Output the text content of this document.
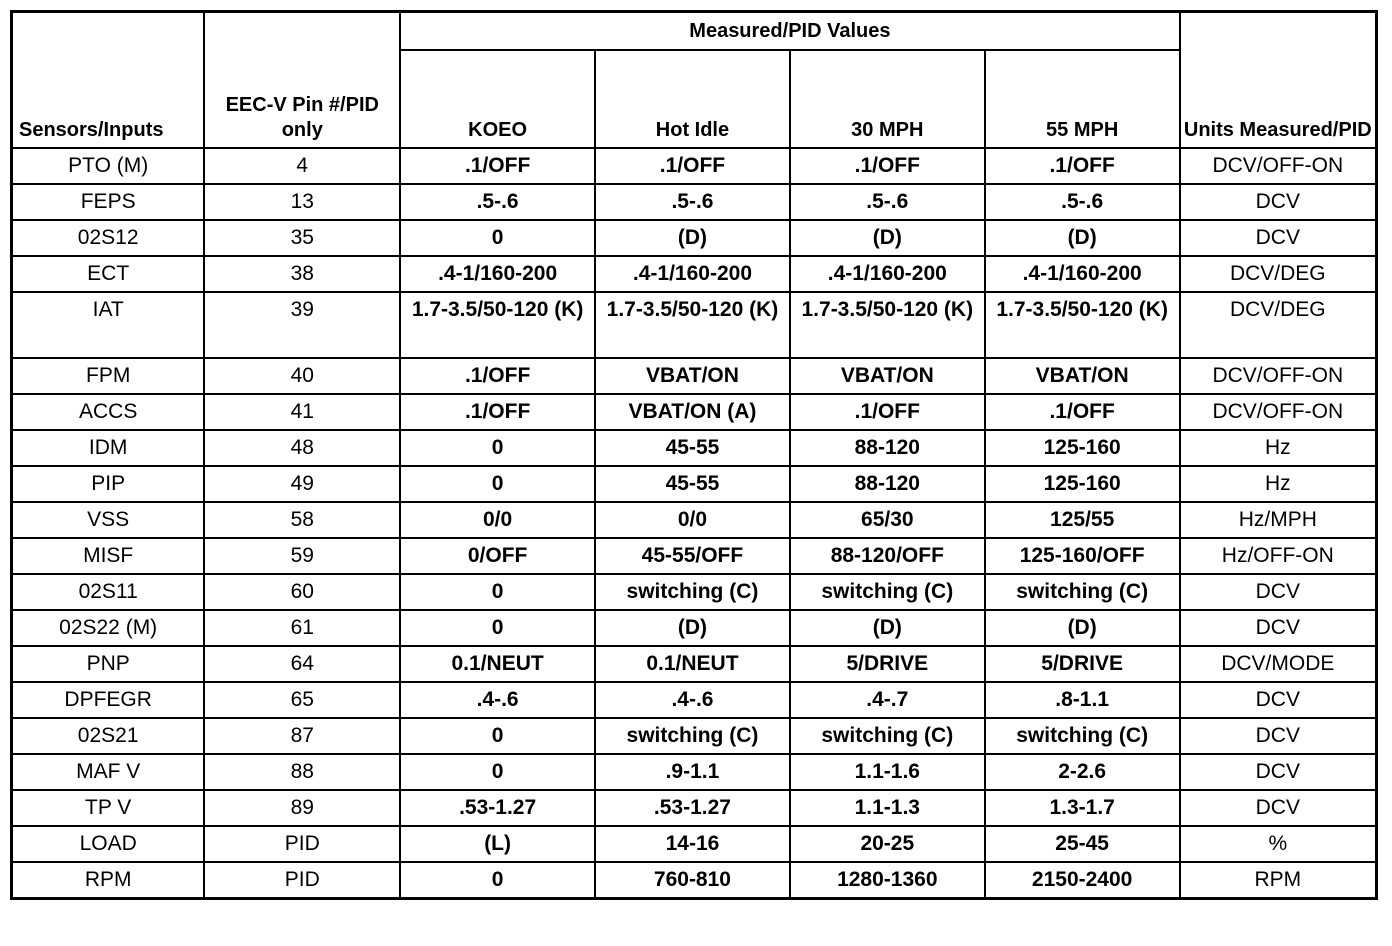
Sensors/Inputs	EEC-V Pin #/PID only	Measured/PID Values				Units Measured/PID
		KOEO	Hot Idle	30 MPH	55 MPH	
PTO (M)	4	.1/OFF	.1/OFF	.1/OFF	.1/OFF	DCV/OFF-ON
FEPS	13	.5-.6	.5-.6	.5-.6	.5-.6	DCV
02S12	35	0	(D)	(D)	(D)	DCV
ECT	38	.4-1/160-200	.4-1/160-200	.4-1/160-200	.4-1/160-200	DCV/DEG
IAT	39	1.7-3.5/50-120 (K)	1.7-3.5/50-120 (K)	1.7-3.5/50-120 (K)	1.7-3.5/50-120 (K)	DCV/DEG
FPM	40	.1/OFF	VBAT/ON	VBAT/ON	VBAT/ON	DCV/OFF-ON
ACCS	41	.1/OFF	VBAT/ON (A)	.1/OFF	.1/OFF	DCV/OFF-ON
IDM	48	0	45-55	88-120	125-160	Hz
PIP	49	0	45-55	88-120	125-160	Hz
VSS	58	0/0	0/0	65/30	125/55	Hz/MPH
MISF	59	0/OFF	45-55/OFF	88-120/OFF	125-160/OFF	Hz/OFF-ON
02S11	60	0	switching (C)	switching (C)	switching (C)	DCV
02S22 (M)	61	0	(D)	(D)	(D)	DCV
PNP	64	0.1/NEUT	0.1/NEUT	5/DRIVE	5/DRIVE	DCV/MODE
DPFEGR	65	.4-.6	.4-.6	.4-.7	.8-1.1	DCV
02S21	87	0	switching (C)	switching (C)	switching (C)	DCV
MAF V	88	0	.9-1.1	1.1-1.6	2-2.6	DCV
TP V	89	.53-1.27	.53-1.27	1.1-1.3	1.3-1.7	DCV
LOAD	PID	(L)	14-16	20-25	25-45	%
RPM	PID	0	760-810	1280-1360	2150-2400	RPM
